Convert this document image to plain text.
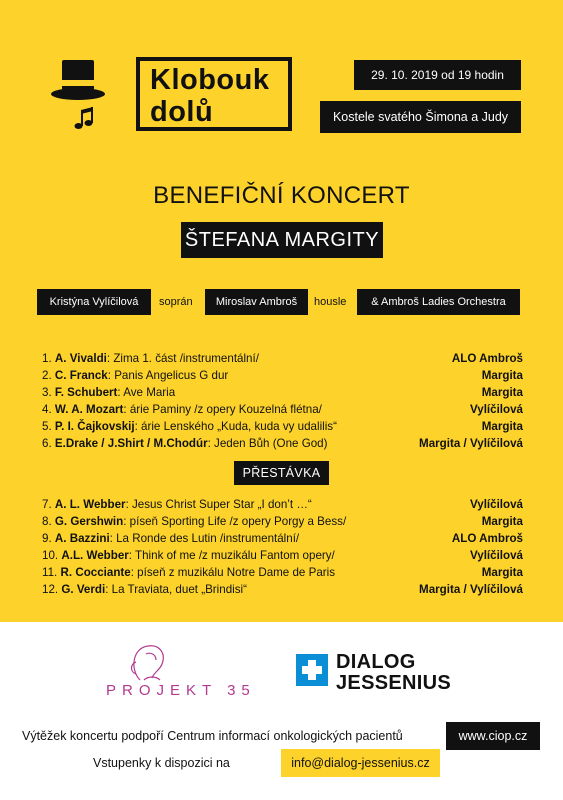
Klobouk
dolů
29. 10. 2019 od 19 hodin
Kostele svatého Šimona a Judy
BENEFIČNÍ KONCERT
ŠTEFANA MARGITY
Kristýna Vylíčilová	soprán	Miroslav Ambroš	housle	& Ambroš Ladies Orchestra
1. A. Vivaldi: Zima 1. část /instrumentální/	ALO Ambroš
2. C. Franck: Panis Angelicus G dur	Margita
3. F. Schubert: Ave Maria	Margita
4. W. A. Mozart: árie Paminy /z opery Kouzelná flétna/	Vylíčilová
5. P. I. Čajkovskij: árie Lenského „Kuda, kuda vy udalilis“	Margita
6. E.Drake / J.Shirt / M.Chodúr: Jeden Bůh (One God)	Margita / Vylíčilová
PŘESTÁVKA
7. A. L. Webber: Jesus Christ Super Star „I don’t …“	Vylíčilová
8. G. Gershwin: píseň Sporting Life /z opery Porgy a Bess/	Margita
9. A. Bazzini: La Ronde des Lutin /instrumentální/	ALO Ambroš
10. A.L. Webber: Think of me /z muzikálu Fantom opery/	Vylíčilová
11. R. Cocciante: píseň z muzikálu Notre Dame de Paris	Margita
12. G. Verdi: La Traviata, duet „Brindisi“	Margita / Vylíčilová
PROJEKT 35
DIALOG
JESSENIUS
Výtěžek koncertu podpoří Centrum informací onkologických pacientů	www.ciop.cz
Vstupenky k dispozici na	info@dialog-jessenius.cz
